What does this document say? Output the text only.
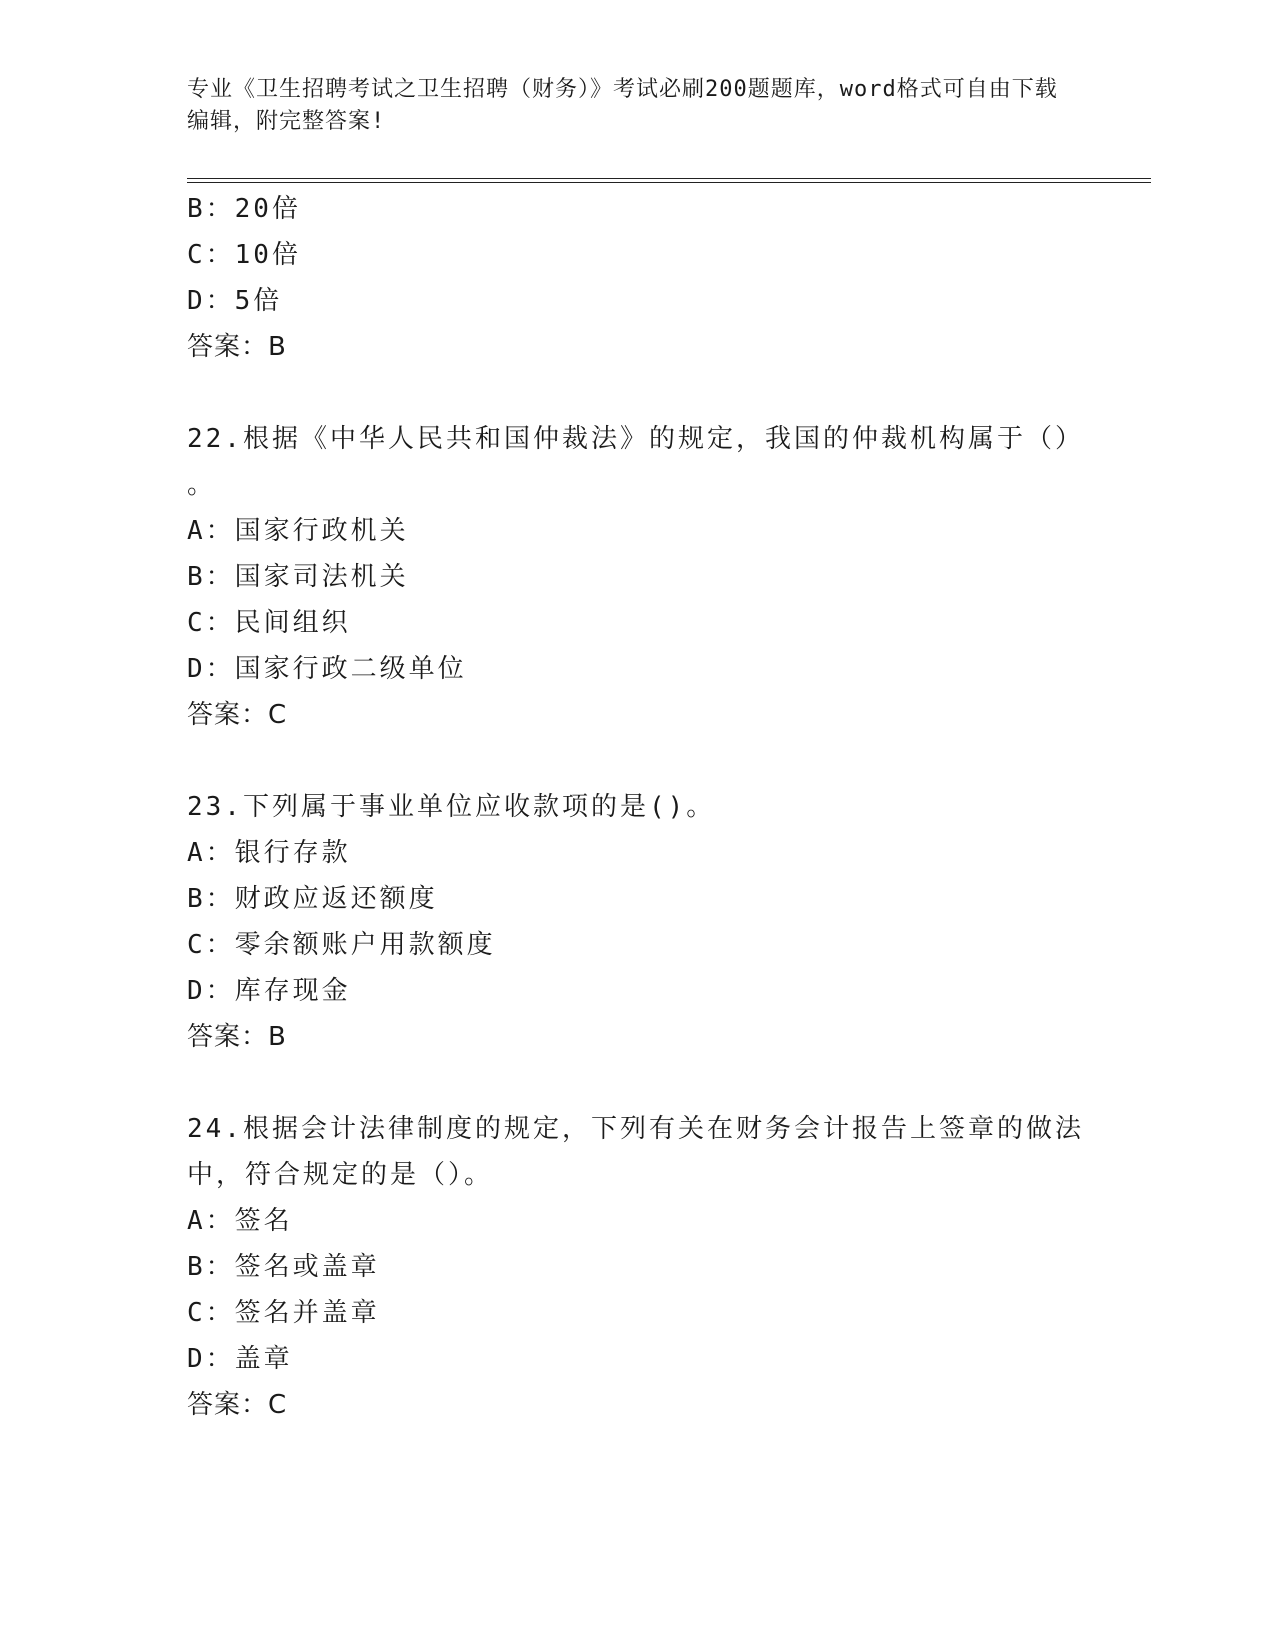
专业《卫生招聘考试之卫生招聘（财务）》考试必刷200题题库，word格式可自由下载编辑，附完整答案!

B：20倍
C：10倍
D：5倍
答案：B
22.根据《中华人民共和国仲裁法》的规定，我国的仲裁机构属于（）
。
A：国家行政机关
B：国家司法机关
C：民间组织
D：国家行政二级单位
答案：C
23.下列属于事业单位应收款项的是()。
A：银行存款
B：财政应返还额度
C：零余额账户用款额度
D：库存现金
答案：B
24.根据会计法律制度的规定，下列有关在财务会计报告上签章的做法
中，符合规定的是（）。
A：签名
B：签名或盖章
C：签名并盖章
D：盖章
答案：C
